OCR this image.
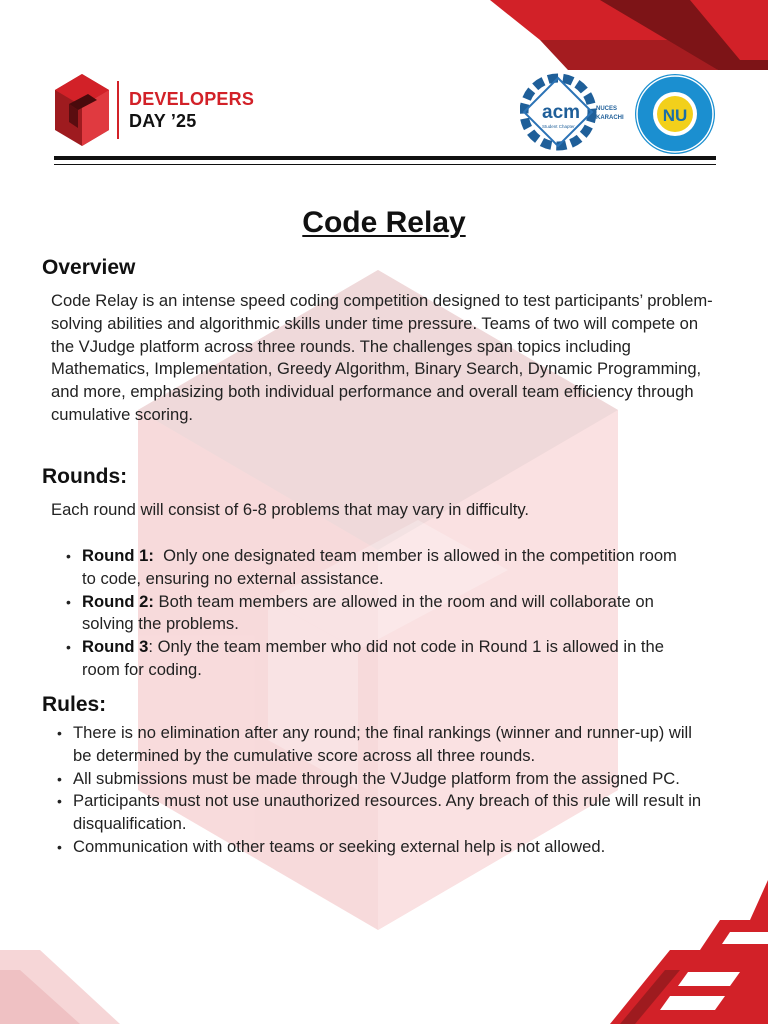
DEVELOPERS
DAY ’25	acm
Student Chapter
NUCES
KARACHI NU
Code Relay
Overview

Code Relay is an intense speed coding competition designed to test participants’ problem-solving abilities and algorithmic skills under time pressure. Teams of two will compete on the VJudge platform across three rounds. The challenges span topics including Mathematics, Implementation, Greedy Algorithm, Binary Search, Dynamic Programming, and more, emphasizing both individual performance and overall team efficiency through cumulative scoring.

Rounds:

Each round will consist of 6-8 problems that may vary in difficulty.

• Round 1:  Only one designated team member is allowed in the competition room to code, ensuring no external assistance.
• Round 2: Both team members are allowed in the room and will collaborate on solving the problems.
• Round 3: Only the team member who did not code in Round 1 is allowed in the room for coding.
Rules:
• There is no elimination after any round; the final rankings (winner and runner-up) will be determined by the cumulative score across all three rounds.
• All submissions must be made through the VJudge platform from the assigned PC.
• Participants must not use unauthorized resources. Any breach of this rule will result in disqualification.
• Communication with other teams or seeking external help is not allowed.
